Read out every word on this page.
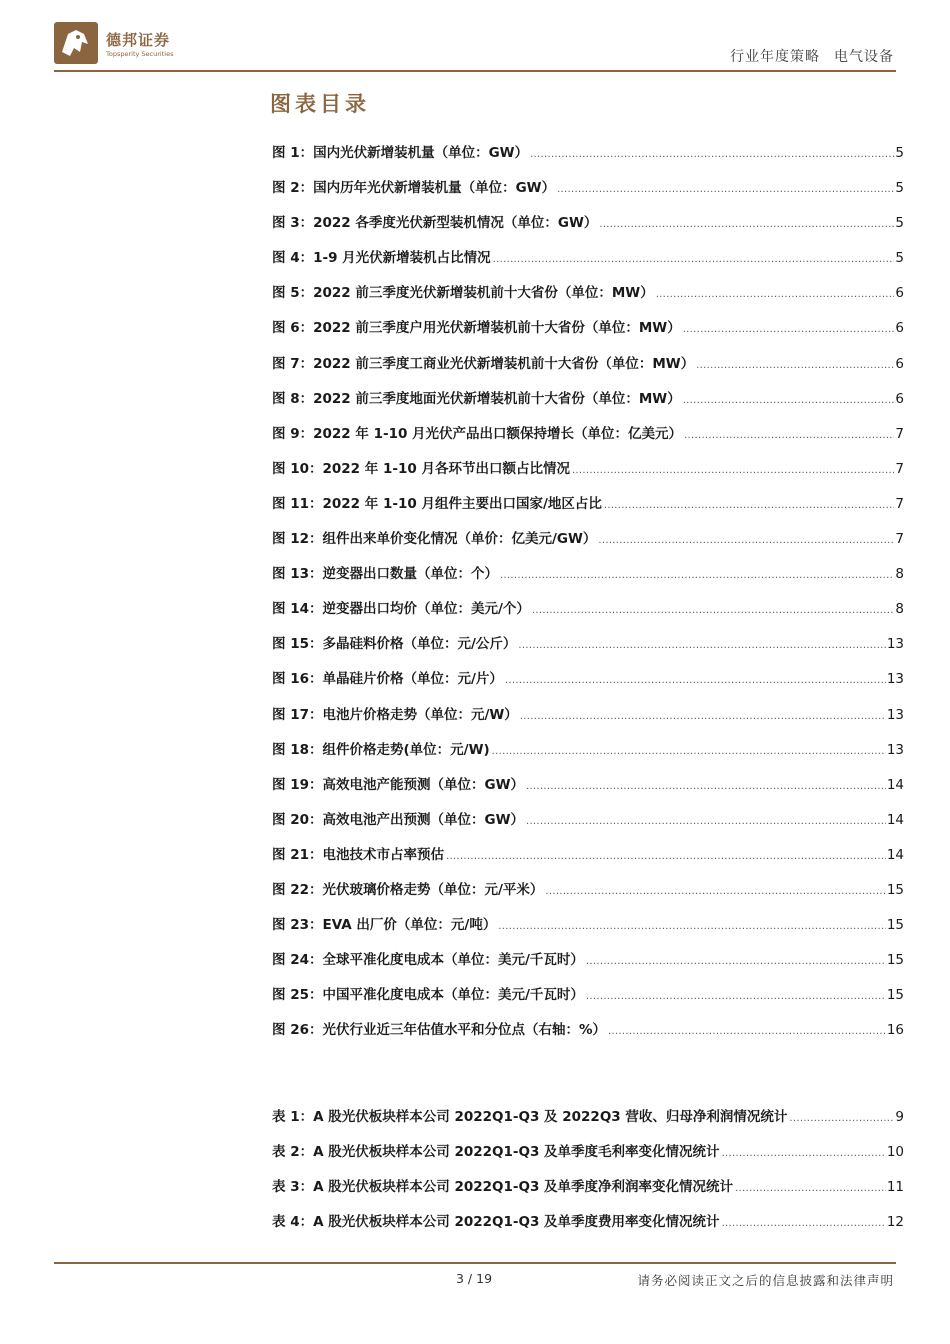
德邦证券
Topsperity Securities	行业年度策略 电气设备
图表目录
图 1：国内光伏新增装机量（单位：GW） .....	5
图 2：国内历年光伏新增装机量（单位：GW） .....	5
图 3：2022 各季度光伏新型装机情况（单位：GW） .....	5
图 4：1-9 月光伏新增装机占比情况 .....	5
图 5：2022 前三季度光伏新增装机前十大省份（单位：MW） .....	6
图 6：2022 前三季度户用光伏新增装机前十大省份（单位：MW） .....	6
图 7：2022 前三季度工商业光伏新增装机前十大省份（单位：MW） .....	6
图 8：2022 前三季度地面光伏新增装机前十大省份（单位：MW） .....	6
图 9：2022 年 1-10 月光伏产品出口额保持增长（单位：亿美元） .....	7
图 10：2022 年 1-10 月各环节出口额占比情况 .....	7
图 11：2022 年 1-10 月组件主要出口国家/地区占比 .....	7
图 12：组件出来单价变化情况（单价：亿美元/GW） .....	7
图 13：逆变器出口数量（单位：个） .....	8
图 14：逆变器出口均价（单位：美元/个） .....	8
图 15：多晶硅料价格（单位：元/公斤） .....	13
图 16：单晶硅片价格（单位：元/片） .....	13
图 17：电池片价格走势（单位：元/W） .....	13
图 18：组件价格走势(单位：元/W) .....	13
图 19：高效电池产能预测（单位：GW） .....	14
图 20：高效电池产出预测（单位：GW） .....	14
图 21：电池技术市占率预估 .....	14
图 22：光伏玻璃价格走势（单位：元/平米） .....	15
图 23：EVA 出厂价（单位：元/吨） .....	15
图 24：全球平准化度电成本（单位：美元/千瓦时） .....	15
图 25：中国平准化度电成本（单位：美元/千瓦时） .....	15
图 26：光伏行业近三年估值水平和分位点（右轴：%） .....	16
表 1：A 股光伏板块样本公司 2022Q1-Q3 及 2022Q3 营收、归母净利润情况统计 .....	9
表 2：A 股光伏板块样本公司 2022Q1-Q3 及单季度毛利率变化情况统计 .....	10
表 3：A 股光伏板块样本公司 2022Q1-Q3 及单季度净利润率变化情况统计 .....	11
表 4：A 股光伏板块样本公司 2022Q1-Q3 及单季度费用率变化情况统计 .....	12
3 / 19	请务必阅读正文之后的信息披露和法律声明
